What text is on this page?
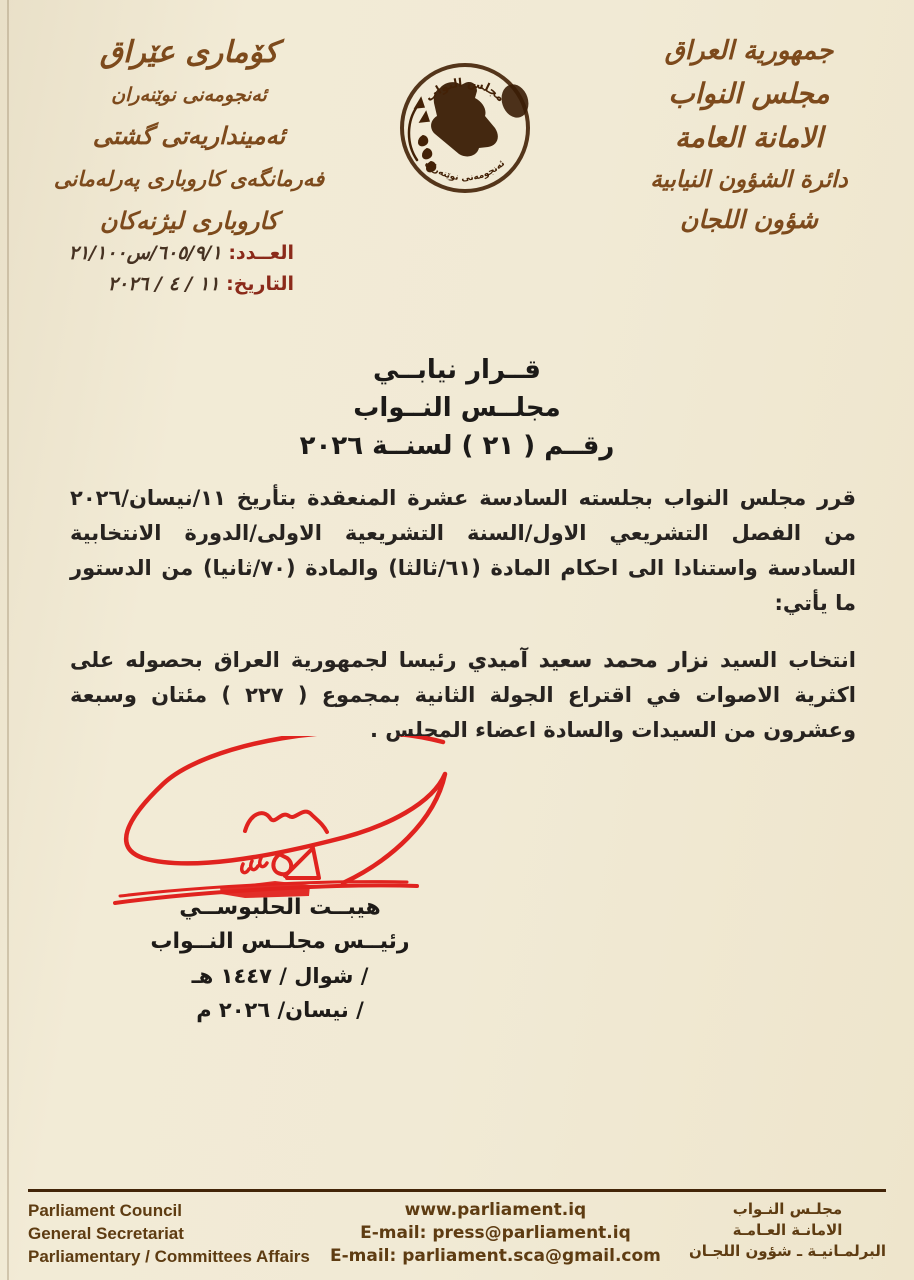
كۆماری عێراق
ئەنجومەنی نوێنەران
ئەمینداریەتی گشتی
فەرمانگەی کاروباری پەرلەمانی
کاروباری لیژنەکان
مجلس النواب
ئەنجومەنی نوێنەران
جمهورية العراق
مجلس النواب
الامانة العامة
دائرة الشؤون النيابية
شؤون اللجان
العــدد: ٢١/١٠٠س/٦٠٥/٩/١
التاريخ: ٢٠٢٦ / ٤ / ١١
قــرار نيابــي
مجلــس النــواب
رقــم ( ٢١ ) لسنــة ٢٠٢٦

قرر مجلس النواب بجلسته السادسة عشرة المنعقدة بتأريخ ١١/نيسان/٢٠٢٦ من الفصل التشريعي الاول/السنة التشريعية الاولى/الدورة الانتخابية السادسة واستنادا الى احكام المادة (٦١/ثالثا) والمادة (٧٠/ثانيا) من الدستور ما يأتي:

انتخاب السيد نزار محمد سعيد آميدي رئيسا لجمهورية العراق بحصوله على اكثرية الاصوات في اقتراع الجولة الثانية بمجموع ( ٢٢٧ ) مئتان وسبعة وعشرون من السيدات والسادة اعضاء المجلس .

هيبــت الحلبوســي
رئيــس مجلــس النــواب
/ شوال / ١٤٤٧ هـ
/ نيسان/ ٢٠٢٦ م
Parliament Council
General Secretariat
Parliamentary / Committees Affairs
www.parliament.iq
E-mail: press@parliament.iq
E-mail: parliament.sca@gmail.com
مجلـس النـواب
الامانـة العـامـة
البرلمـانيـة ـ شؤون اللجـان
